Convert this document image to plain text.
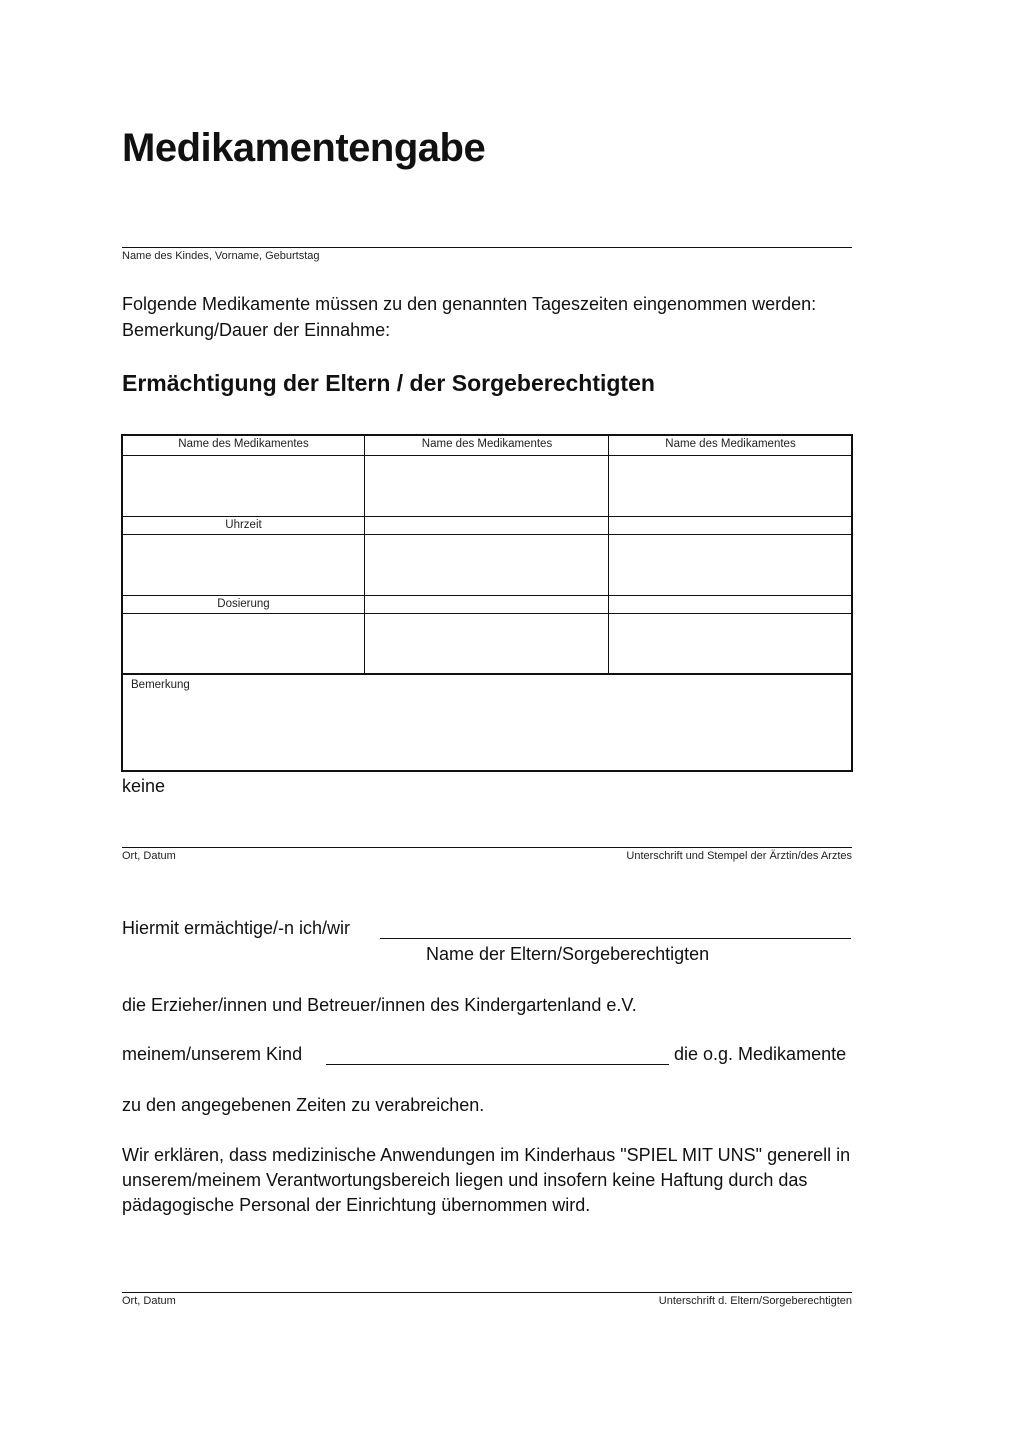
Medikamentengabe
Name des Kindes, Vorname, Geburtstag
Folgende Medikamente müssen zu den genannten Tageszeiten eingenommen werden:
Bemerkung/Dauer der Einnahme:
Ermächtigung der Eltern / der Sorgeberechtigten
Name des Medikamentes	Name des Medikamentes	Name des Medikamentes
Uhrzeit
Dosierung
Bemerkung
keine
Ort, Datum	Unterschrift und Stempel der Ärztin/des Arztes
Hiermit ermächtige/-n ich/wir
Name der Eltern/Sorgeberechtigten
die Erzieher/innen und Betreuer/innen des Kindergartenland e.V.
meinem/unserem Kind	die o.g. Medikamente
zu den angegebenen Zeiten zu verabreichen.
Wir erklären, dass medizinische Anwendungen im Kinderhaus "SPIEL MIT UNS" generell in
unserem/meinem Verantwortungsbereich liegen und insofern keine Haftung durch das
pädagogische Personal der Einrichtung übernommen wird.
Ort, Datum	Unterschrift d. Eltern/Sorgeberechtigten
